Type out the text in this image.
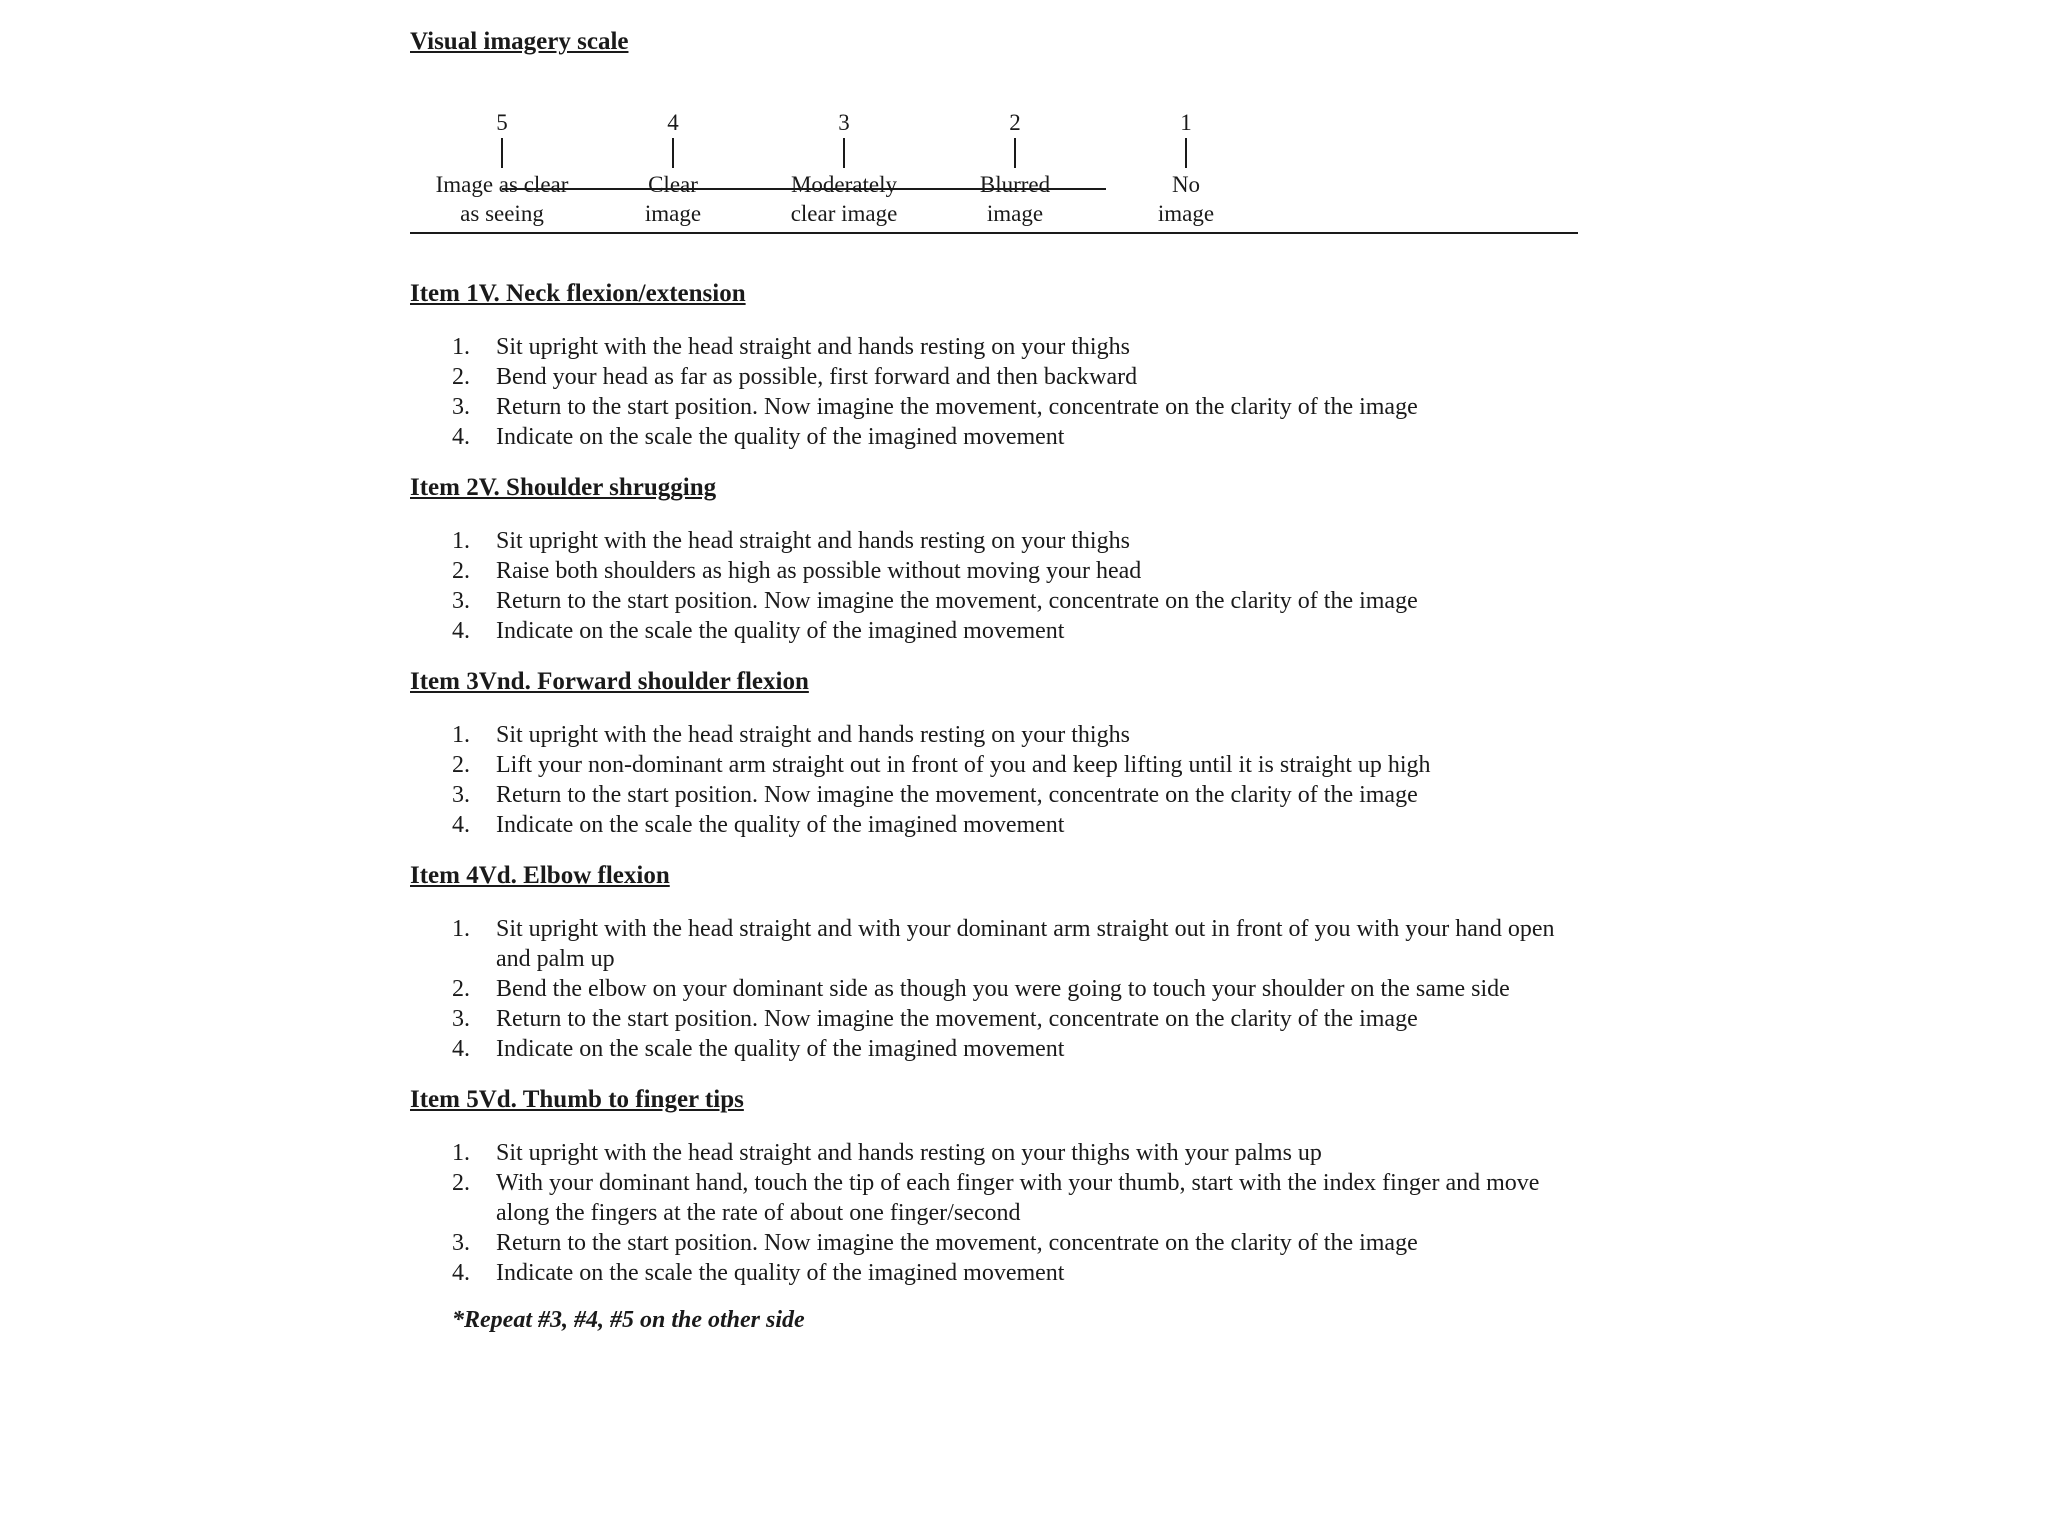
Visual imagery scale
5
Image as clear
as seeing
4
Clear
image
3
Moderately
clear image
2
Blurred
image
1
No
image
Item 1V. Neck flexion/extension
1. Sit upright with the head straight and hands resting on your thighs
2. Bend your head as far as possible, first forward and then backward
3. Return to the start position. Now imagine the movement, concentrate on the clarity of the image
4. Indicate on the scale the quality of the imagined movement
Item 2V. Shoulder shrugging
1. Sit upright with the head straight and hands resting on your thighs
2. Raise both shoulders as high as possible without moving your head
3. Return to the start position. Now imagine the movement, concentrate on the clarity of the image
4. Indicate on the scale the quality of the imagined movement
Item 3Vnd. Forward shoulder flexion
1. Sit upright with the head straight and hands resting on your thighs
2. Lift your non-dominant arm straight out in front of you and keep lifting until it is straight up high
3. Return to the start position. Now imagine the movement, concentrate on the clarity of the image
4. Indicate on the scale the quality of the imagined movement
Item 4Vd. Elbow flexion
1. Sit upright with the head straight and with your dominant arm straight out in front of you with your hand open and palm up
2. Bend the elbow on your dominant side as though you were going to touch your shoulder on the same side
3. Return to the start position. Now imagine the movement, concentrate on the clarity of the image
4. Indicate on the scale the quality of the imagined movement
Item 5Vd. Thumb to finger tips
1. Sit upright with the head straight and hands resting on your thighs with your palms up
2. With your dominant hand, touch the tip of each finger with your thumb, start with the index finger and move along the fingers at the rate of about one finger/second
3. Return to the start position. Now imagine the movement, concentrate on the clarity of the image
4. Indicate on the scale the quality of the imagined movement

*Repeat #3, #4, #5 on the other side
